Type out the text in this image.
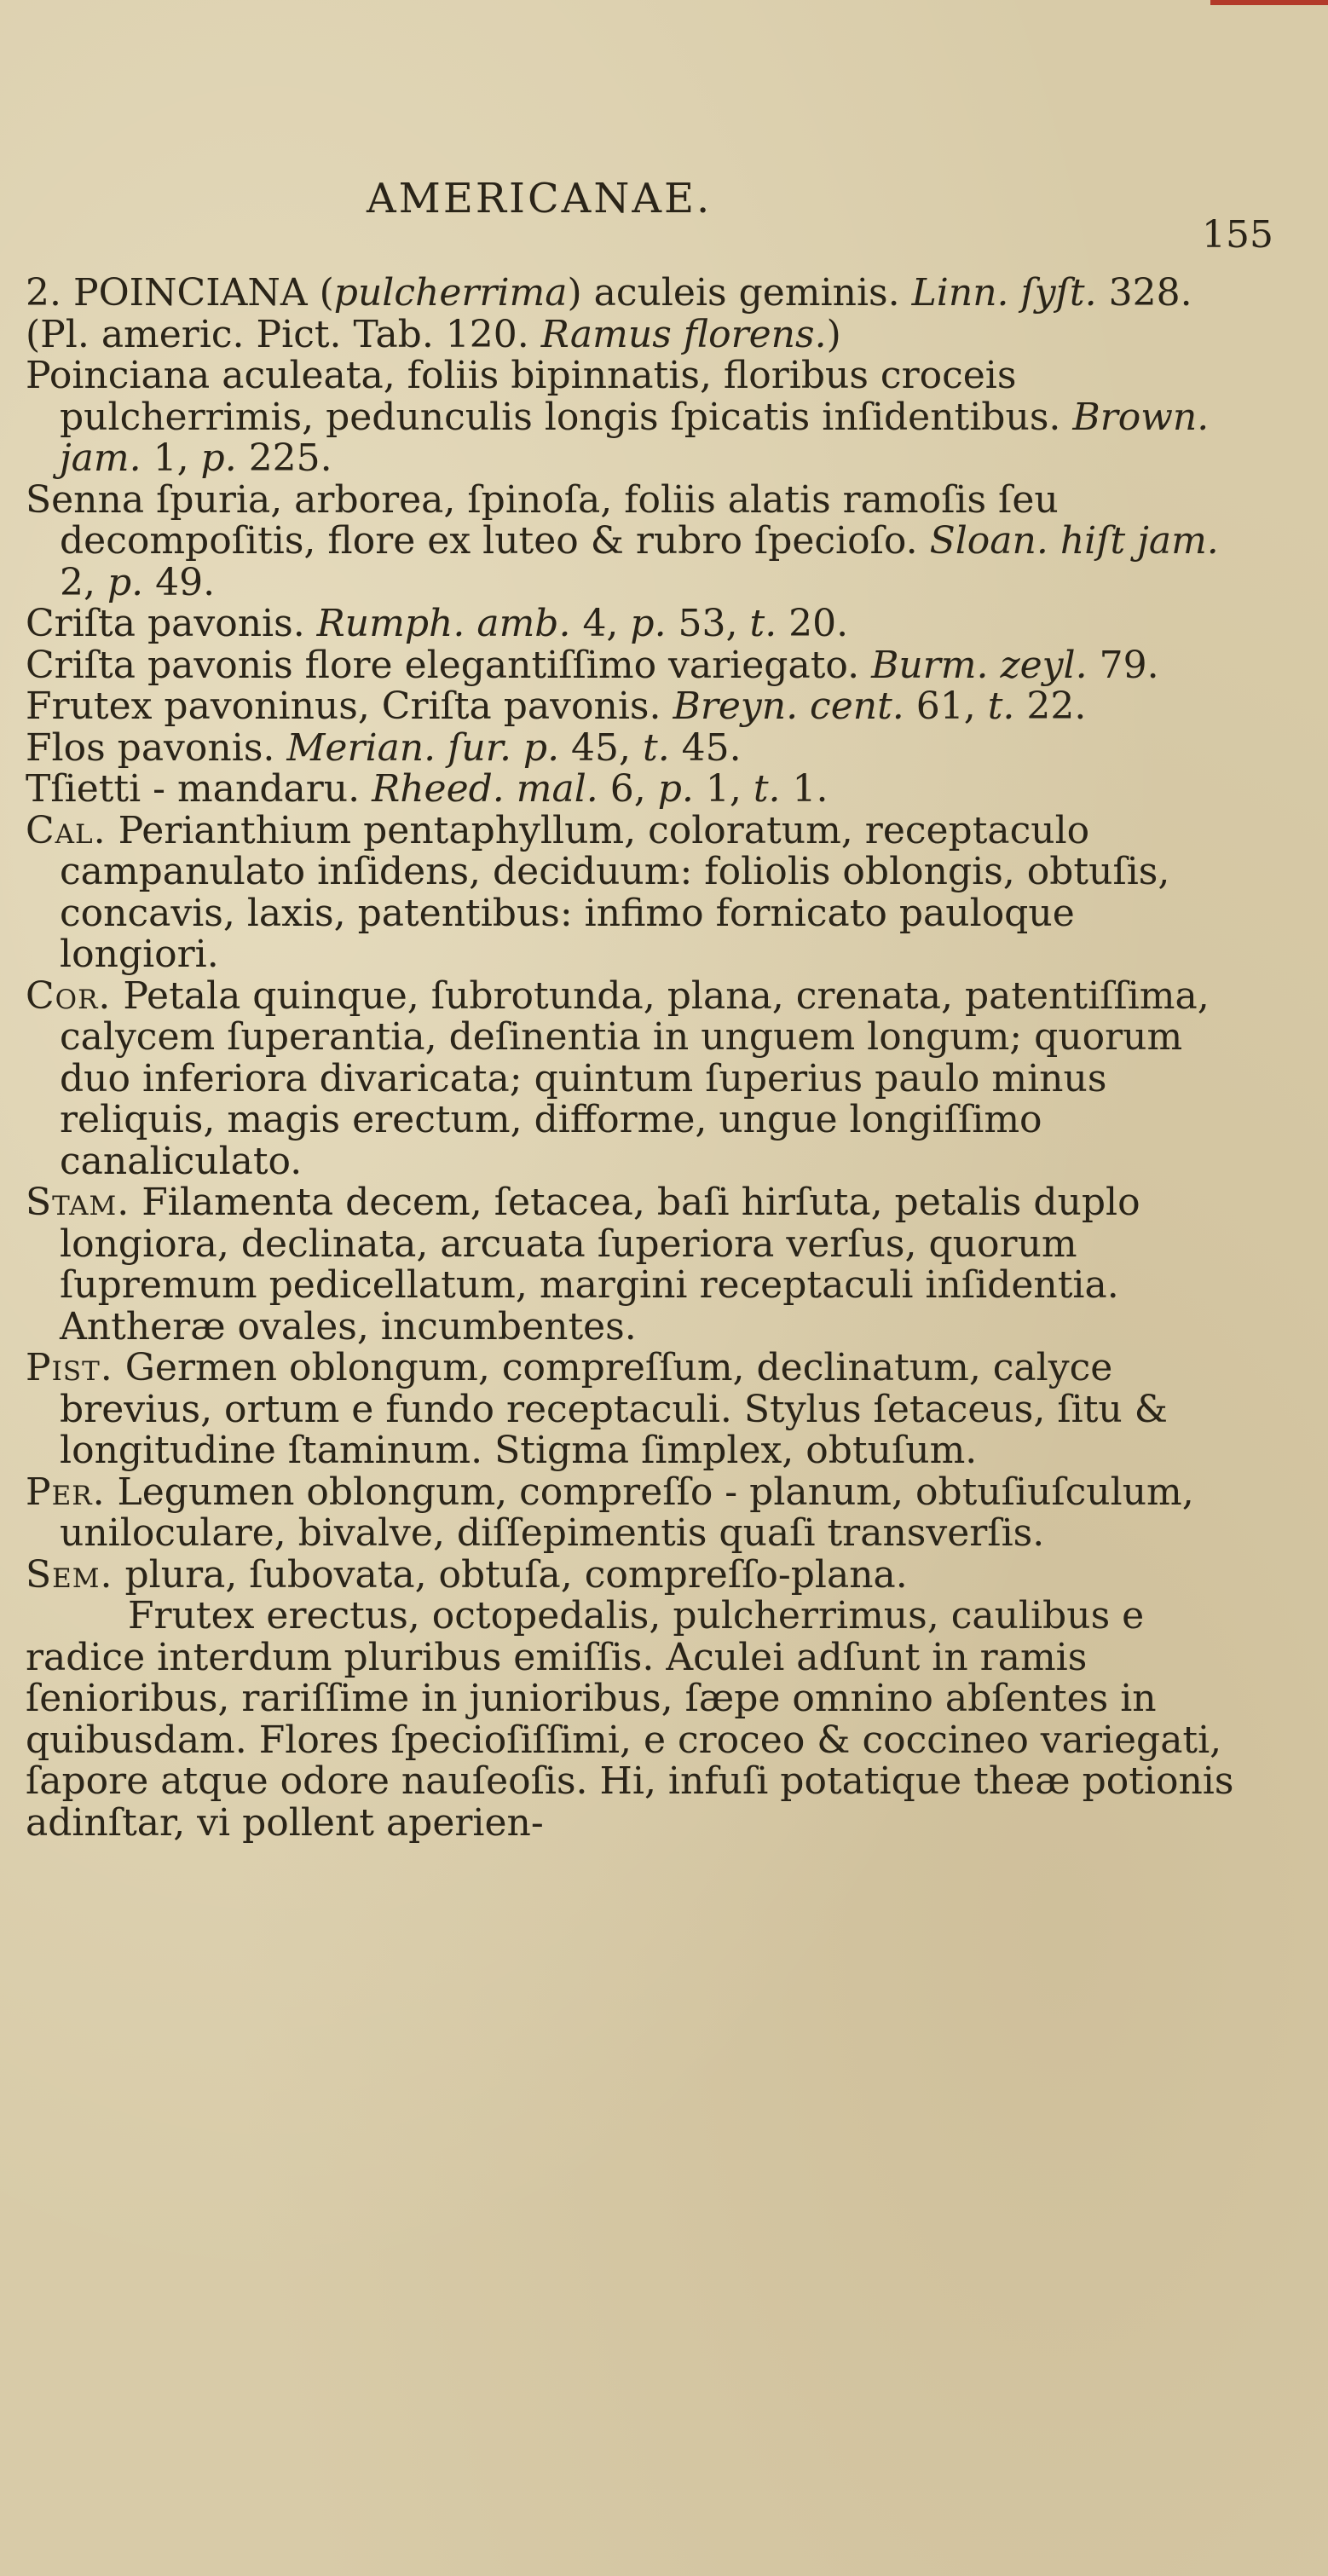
AMERICANAE.
155

2. POINCIANA (pulcherrima) aculeis geminis. Linn. ſyſt. 328.

(Pl. americ. Pict. Tab. 120. Ramus florens.)

Poinciana aculeata, foliis bipinnatis, floribus croceis pulcherrimis, pedunculis longis ſpicatis inſidentibus. Brown. jam. 1, p. 225.

Senna ſpuria, arborea, ſpinoſa, foliis alatis ramoſis ſeu decompoſitis, flore ex luteo & rubro ſpecioſo. Sloan. hiſt jam. 2, p. 49.

Criſta pavonis. Rumph. amb. 4, p. 53, t. 20.

Criſta pavonis flore elegantiſſimo variegato. Burm. zeyl. 79.

Frutex pavoninus, Criſta pavonis. Breyn. cent. 61, t. 22.

Flos pavonis. Merian. ſur. p. 45, t. 45.

Tſietti - mandaru. Rheed. mal. 6, p. 1, t. 1.

Cal. Perianthium pentaphyllum, coloratum, receptaculo campanulato inſidens, deciduum: foliolis oblongis, obtuſis, concavis, laxis, patentibus: infimo fornicato pauloque longiori.

Cor. Petala quinque, ſubrotunda, plana, crenata, patentiſſima, calycem ſuperantia, deſinentia in unguem longum; quorum duo inferiora divaricata; quintum ſuperius paulo minus reliquis, magis erectum, difforme, ungue longiſſimo canaliculato.

Stam. Filamenta decem, ſetacea, baſi hirſuta, petalis duplo longiora, declinata, arcuata ſuperiora verſus, quorum ſupremum pedicellatum, margini receptaculi inſidentia. Antheræ ovales, incumbentes.

Pist. Germen oblongum, compreſſum, declinatum, calyce brevius, ortum e fundo receptaculi. Stylus ſetaceus, ſitu & longitudine ſtaminum. Stigma ſimplex, obtuſum.

Per. Legumen oblongum, compreſſo - planum, obtuſiuſculum, uniloculare, bivalve, diſſepimentis quaſi transverſis.

Sem. plura, ſubovata, obtuſa, compreſſo-plana.

Frutex erectus, octopedalis, pulcherrimus, caulibus e radice interdum pluribus emiſſis. Aculei adſunt in ramis ſenioribus, rariſſime in junioribus, ſæpe omnino abſentes in quibusdam. Flores ſpecioſiſſimi, e croceo & coccineo variegati, ſapore atque odore nauſeoſis. Hi, infuſi potatique theæ potionis adinſtar, vi pollent aperien-
